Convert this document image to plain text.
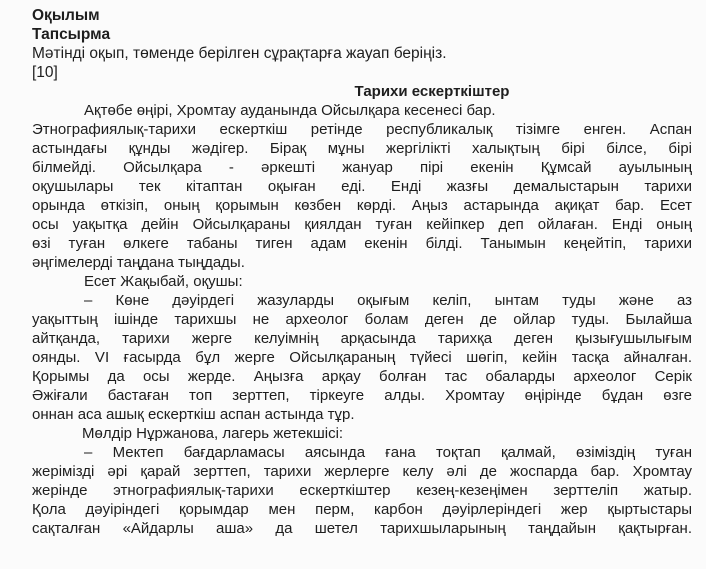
Оқылым
Тапсырма
Мәтінді оқып, төменде берілген сұрақтарға жауап беріңіз.
[10]
Тарихи ескерткіштер
Ақтөбе өңірі, Хромтау ауданында Ойсылқара кесенесі бар.
Этнографиялық-тарихи ескерткіш ретінде республикалық тізімге енген. Аспан
астындағы құнды жәдігер. Бірақ мұны жергілікті халықтың бірі білсе, бірі
білмейді. Ойсылқара - әркешті жануар пірі екенін Құмсай ауылының
оқушылары тек кітаптан оқыған еді. Енді жазғы демалыстарын тарихи
орында өткізіп, оның қорымын көзбен көрді. Аңыз астарында ақиқат бар. Есет
осы уақытқа дейін Ойсылқараны қиялдан туған кейіпкер деп ойлаған. Енді оның
өзі туған өлкеге табаны тиген адам екенін білді. Танымын кеңейтіп, тарихи
әңгімелерді таңдана тыңдады.
Есет Жақыбай, оқушы:
– Көне дәуірдегі жазуларды оқығым келіп, ынтам туды және аз
уақыттың ішінде тарихшы не археолог болам деген де ойлар туды. Былайша
айтқанда, тарихи жерге келуімнің арқасында тарихқа деген қызығушылығым
оянды. VI ғасырда бұл жерге Ойсылқараның түйесі шөгіп, кейін тасқа айналған.
Қорымы да осы жерде. Аңызға арқау болған тас обаларды археолог Серік
Әжіғали бастаған топ зерттеп, тіркеуге алды. Хромтау өңірінде бұдан өзге
оннан аса ашық ескерткіш аспан астында тұр.
Мөлдір Нұржанова, лагерь жетекшісі:
– Мектеп бағдарламасы аясында ғана тоқтап қалмай, өзіміздің туған
жерімізді әрі қарай зерттеп, тарихи жерлерге келу әлі де жоспарда бар. Хромтау
жерінде этнографиялық-тарихи ескерткіштер кезең-кезеңімен зерттеліп жатыр.
Қола дәуіріндегі қорымдар мен перм, карбон дәуірлеріндегі жер қыртыстары
сақталған «Айдарлы аша» да шетел тарихшыларының таңдайын қақтырған.
